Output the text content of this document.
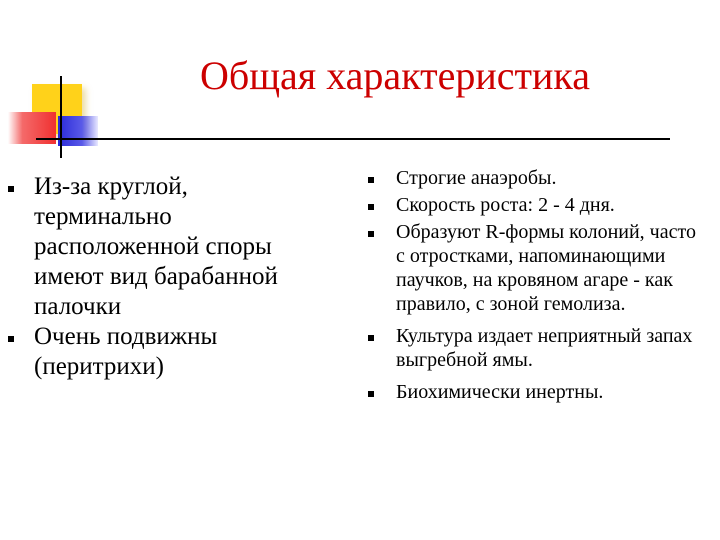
Общая характеристика
Из-за круглой, терминально расположенной споры имеют вид барабанной палочки
Очень подвижны (перитрихи)
Строгие анаэробы.
Скорость роста: 2 - 4 дня.
Образуют R-формы колоний, часто с отростками, напоминающими паучков, на кровяном агаре - как правило, с зоной гемолиза.
Культура издает неприятный запах выгребной ямы.
Биохимически инертны.
